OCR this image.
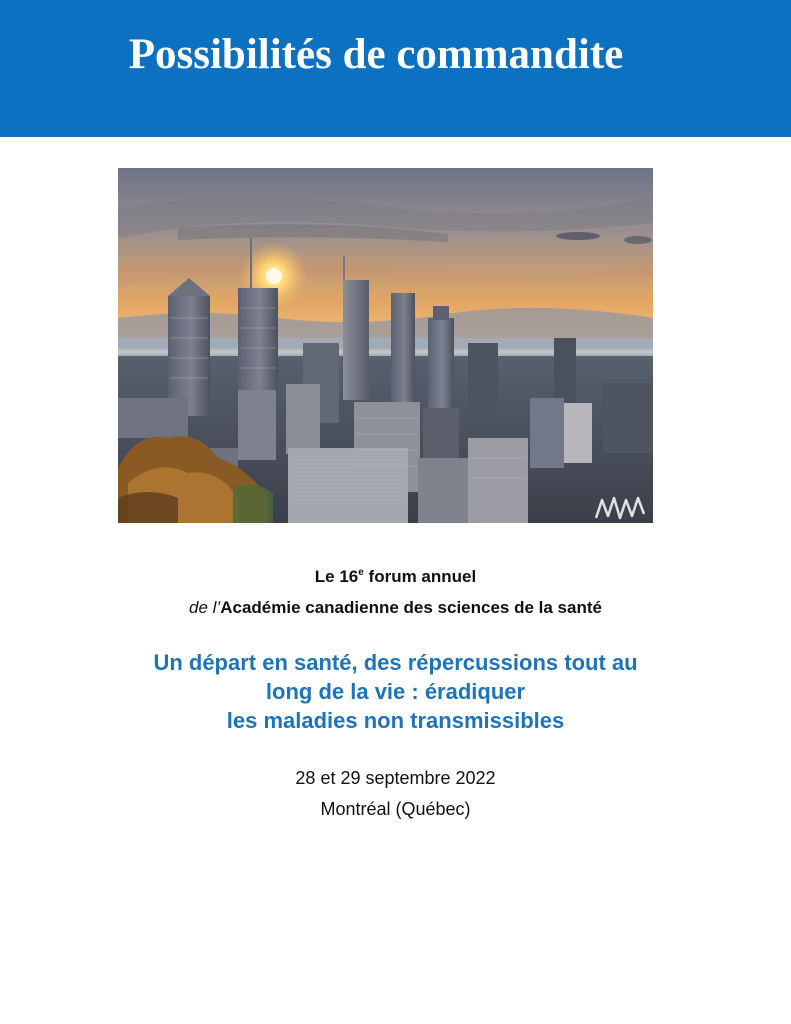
Possibilités de commandite
Le 16e forum annuel
de l’Académie canadienne des sciences de la santé
Un départ en santé, des répercussions tout au
long de la vie : éradiquer
les maladies non transmissibles
28 et 29 septembre 2022
Montréal (Québec)
